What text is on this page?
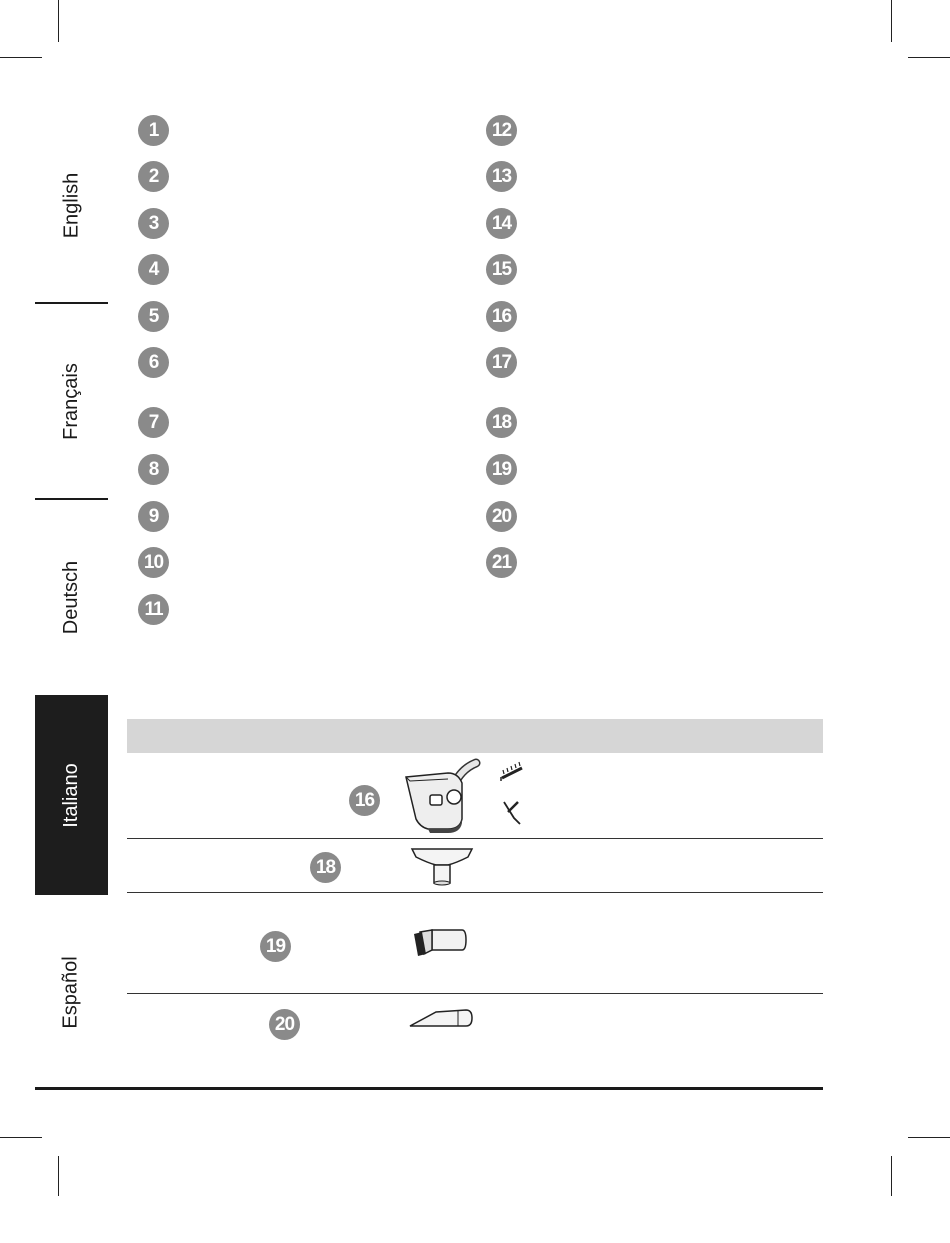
English
Français
Deutsch
Italiano
Español
1
2
3
4
5
6
7
8
9
10
11
12
13
14
15
16
17
18
19
20
21
16
18
19
20
